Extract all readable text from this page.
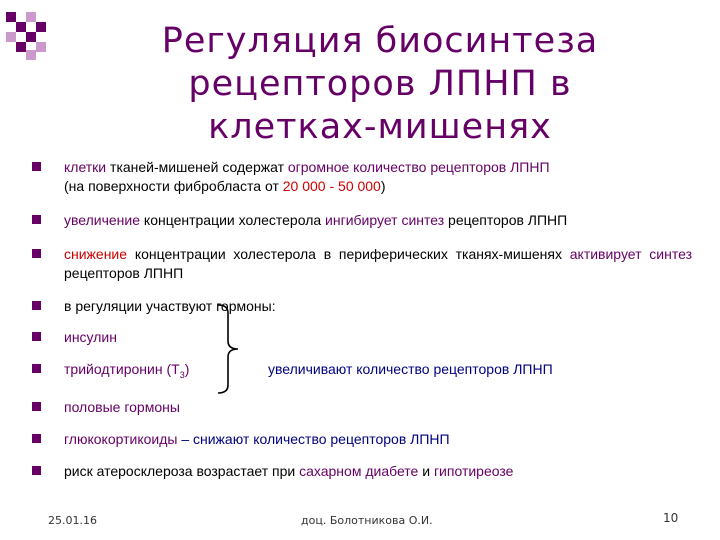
Регуляция биосинтеза
рецепторов ЛПНП в
клетках-мишенях
клетки тканей-мишеней содержат огромное количество рецепторов ЛПНП
(на поверхности фибробласта от 20 000 - 50 000)
увеличение концентрации холестерола ингибирует синтез рецепторов ЛПНП
снижение концентрации холестерола в периферических тканях-мишенях активирует синтез рецепторов ЛПНП
в регуляции участвуют гормоны:
инсулин
трийодтиронин $(Т_3)$	увеличивают количество рецепторов ЛПНП
половые гормоны
глюкокортикоиды – снижают количество рецепторов ЛПНП
риск атеросклероза возрастает при сахарном диабете и гипотиреозе
25.01.16	доц. Болотникова О.И.	10
